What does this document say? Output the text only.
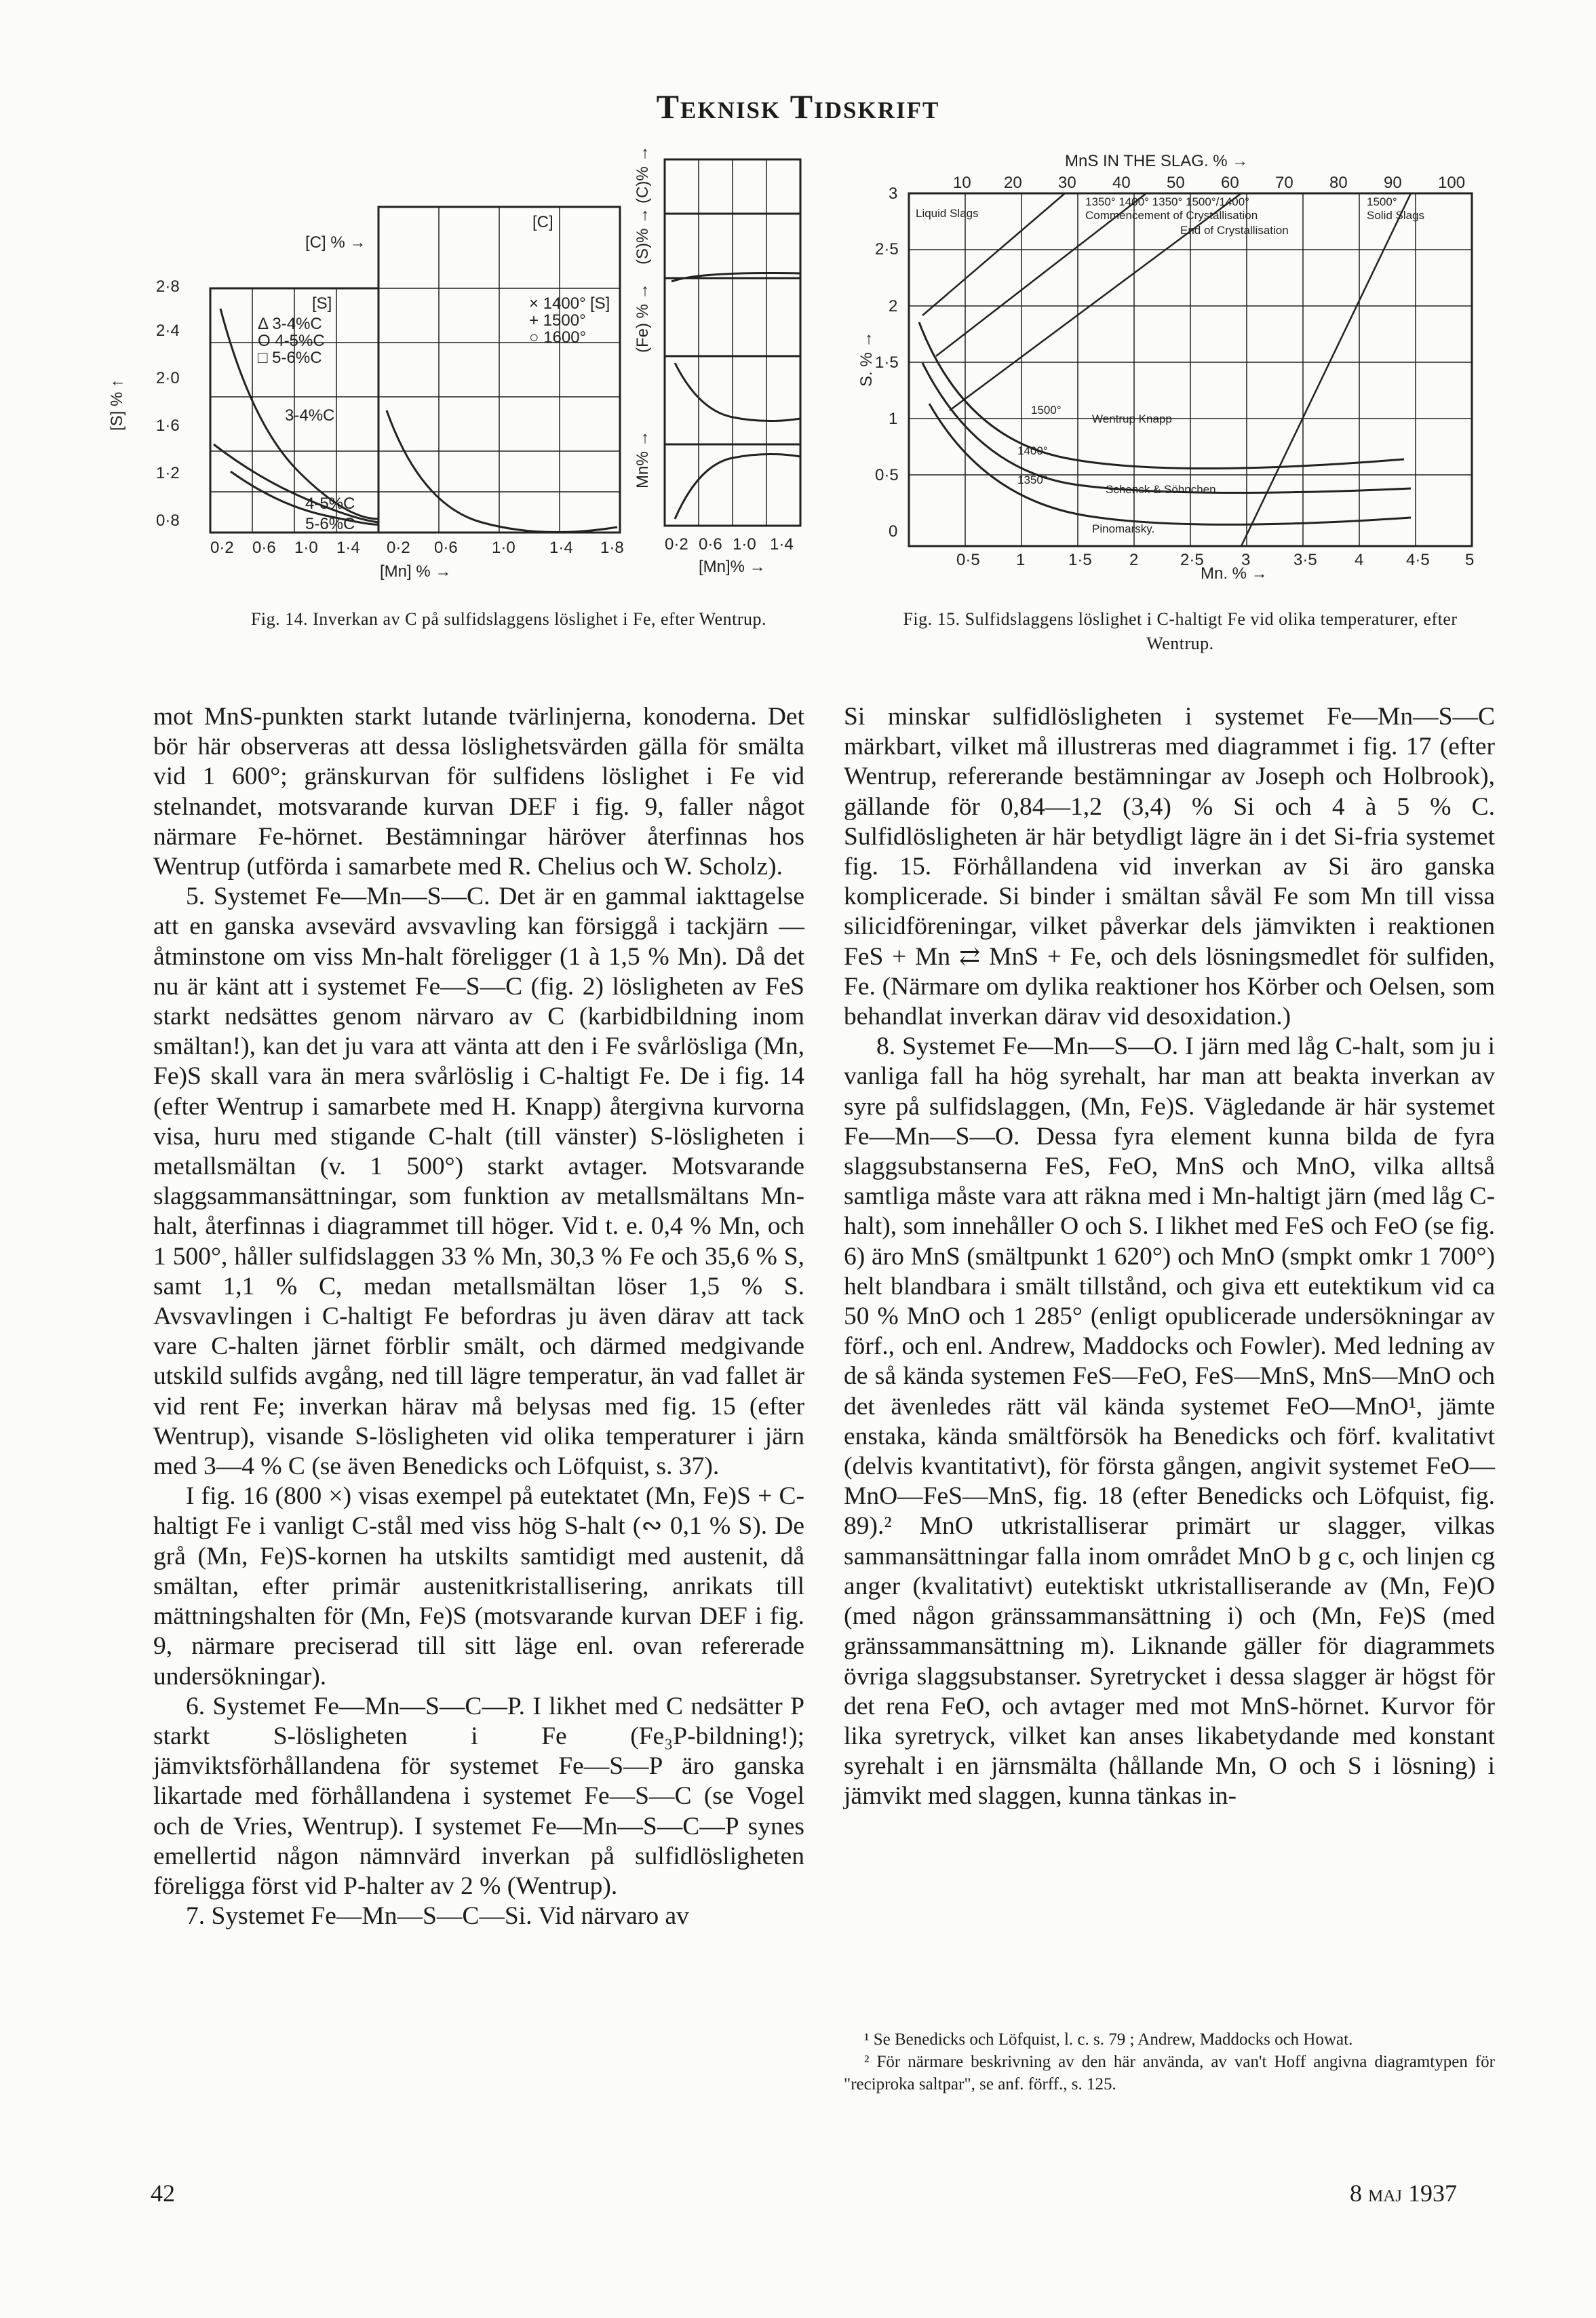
Teknisk Tidskrift
2·8
2·4
2·0
1·6
1·2
0·8
[S] % ↑
0·2 0·6 1·0 1·4 0·2 0·6 1·0 1·4 1·8
[Mn] % →
Δ 3-4%C
O 4-5%C
□ 5-6%C
× 1400°
+ 1500°
○ 1600°
3-4%C
4-5%C
5-6%C
[C] % →
[C]
[S]	[S]
0·2 0·6 1·0 1·4
[Mn]% →
(C)% →
(S)% →
(Fe) % →
Mn% →
Fig. 14. Inverkan av C på sulfidslaggens löslighet i Fe, efter Wentrup.
MnS IN THE SLAG. % →
10 20 30 40 50 60 70 80 90 100
3
2·5
2
1·5
1
0·5
0
S. % →
0·5 1	1·5 2	2·5 3	3·5 4	4·5 5
Mn. % →
Liquid Slags
1350° 1400° 1350° 1500°/1400°
Commencement of Crystallisation
End of Crystallisation
1500°
Solid Slags
1500°
Wentrup Knapp
1400°
1350°
Schenck & Söhnchen
Pinomarsky.
Fig. 15. Sulfidslaggens löslighet i C-haltigt Fe vid olika temperaturer, efter Wentrup.

mot MnS-punkten starkt lutande tvärlinjerna, konoderna. Det bör här observeras att dessa löslighetsvärden gälla för smälta vid 1 600°; gränskurvan för sulfidens löslighet i Fe vid stelnandet, motsvarande kurvan DEF i fig. 9, faller något närmare Fe-hörnet. Bestämningar häröver återfinnas hos Wentrup (utförda i samarbete med R. Chelius och W. Scholz).

5. Systemet Fe—Mn—S—C. Det är en gammal iakttagelse att en ganska avsevärd avsvavling kan försiggå i tackjärn — åtminstone om viss Mn-halt föreligger (1 à 1,5 % Mn). Då det nu är känt att i systemet Fe—S—C (fig. 2) lösligheten av FeS starkt nedsättes genom närvaro av C (karbidbildning inom smältan!), kan det ju vara att vänta att den i Fe svårlösliga (Mn, Fe)S skall vara än mera svårlöslig i C-haltigt Fe. De i fig. 14 (efter Wentrup i samarbete med H. Knapp) återgivna kurvorna visa, huru med stigande C-halt (till vänster) S-lösligheten i metallsmältan (v. 1 500°) starkt avtager. Motsvarande slaggsammansättningar, som funktion av metallsmältans Mn-halt, återfinnas i diagrammet till höger. Vid t. e. 0,4 % Mn, och 1 500°, håller sulfidslaggen 33 % Mn, 30,3 % Fe och 35,6 % S, samt 1,1 % C, medan metallsmältan löser 1,5 % S. Avsvavlingen i C-haltigt Fe befordras ju även därav att tack vare C-halten järnet förblir smält, och därmed medgivande utskild sulfids avgång, ned till lägre temperatur, än vad fallet är vid rent Fe; inverkan härav må belysas med fig. 15 (efter Wentrup), visande S-lösligheten vid olika temperaturer i järn med 3—4 % C (se även Benedicks och Löfquist, s. 37).

I fig. 16 (800 ×) visas exempel på eutektatet (Mn, Fe)S + C-haltigt Fe i vanligt C-stål med viss hög S-halt (∾ 0,1 % S). De grå (Mn, Fe)S-kornen ha utskilts samtidigt med austenit, då smältan, efter primär austenitkristallisering, anrikats till mättningshalten för (Mn, Fe)S (motsvarande kurvan DEF i fig. 9, närmare preciserad till sitt läge enl. ovan refererade undersökningar).

6. Systemet Fe—Mn—S—C—P. I likhet med C nedsätter P starkt S-lösligheten i Fe (Fe₃P-bildning!); jämviktsförhållandena för systemet Fe—S—P äro ganska likartade med förhållandena i systemet Fe—S—C (se Vogel och de Vries, Wentrup). I systemet Fe—Mn—S—C—P synes emellertid någon nämnvärd inverkan på sulfidlösligheten föreligga först vid P-halter av 2 % (Wentrup).

7. Systemet Fe—Mn—S—C—Si. Vid närvaro av

Si minskar sulfidlösligheten i systemet Fe—Mn—S—C märkbart, vilket må illustreras med diagrammet i fig. 17 (efter Wentrup, refererande bestämningar av Joseph och Holbrook), gällande för 0,84—1,2 (3,4) % Si och 4 à 5 % C. Sulfidlösligheten är här betydligt lägre än i det Si-fria systemet fig. 15. Förhållandena vid inverkan av Si äro ganska komplicerade. Si binder i smältan såväl Fe som Mn till vissa silicidföreningar, vilket påverkar dels jämvikten i reaktionen FeS + Mn ⇄ MnS + Fe, och dels lösningsmedlet för sulfiden, Fe. (Närmare om dylika reaktioner hos Körber och Oelsen, som behandlat inverkan därav vid desoxidation.)

8. Systemet Fe—Mn—S—O. I järn med låg C-halt, som ju i vanliga fall ha hög syrehalt, har man att beakta inverkan av syre på sulfidslaggen, (Mn, Fe)S. Vägledande är här systemet Fe—Mn—S—O. Dessa fyra element kunna bilda de fyra slaggsubstanserna FeS, FeO, MnS och MnO, vilka alltså samtliga måste vara att räkna med i Mn-haltigt järn (med låg C-halt), som innehåller O och S. I likhet med FeS och FeO (se fig. 6) äro MnS (smältpunkt 1 620°) och MnO (smpkt omkr 1 700°) helt blandbara i smält tillstånd, och giva ett eutektikum vid ca 50 % MnO och 1 285° (enligt opublicerade undersökningar av förf., och enl. Andrew, Maddocks och Fowler). Med ledning av de så kända systemen FeS—FeO, FeS—MnS, MnS—MnO och det ävenledes rätt väl kända systemet FeO—MnO¹, jämte enstaka, kända smältförsök ha Benedicks och förf. kvalitativt (delvis kvantitativt), för första gången, angivit systemet FeO—MnO—FeS—MnS, fig. 18 (efter Benedicks och Löfquist, fig. 89).² MnO utkristalliserar primärt ur slagger, vilkas sammansättningar falla inom området MnO b g c, och linjen cg anger (kvalitativt) eutektiskt utkristalliserande av (Mn, Fe)O (med någon gränssammansättning i) och (Mn, Fe)S (med gränssammansättning m). Liknande gäller för diagrammets övriga slaggsubstanser. Syretrycket i dessa slagger är högst för det rena FeO, och avtager med mot MnS-hörnet. Kurvor för lika syretryck, vilket kan anses likabetydande med konstant syrehalt i en järnsmälta (hållande Mn, O och S i lösning) i jämvikt med slaggen, kunna tänkas in-

¹ Se Benedicks och Löfquist, l. c. s. 79 ; Andrew, Maddocks och Howat.

² För närmare beskrivning av den här använda, av van't Hoff angivna diagramtypen för "reciproka saltpar", se anf. förff., s. 125.

42	8 maj 1937
